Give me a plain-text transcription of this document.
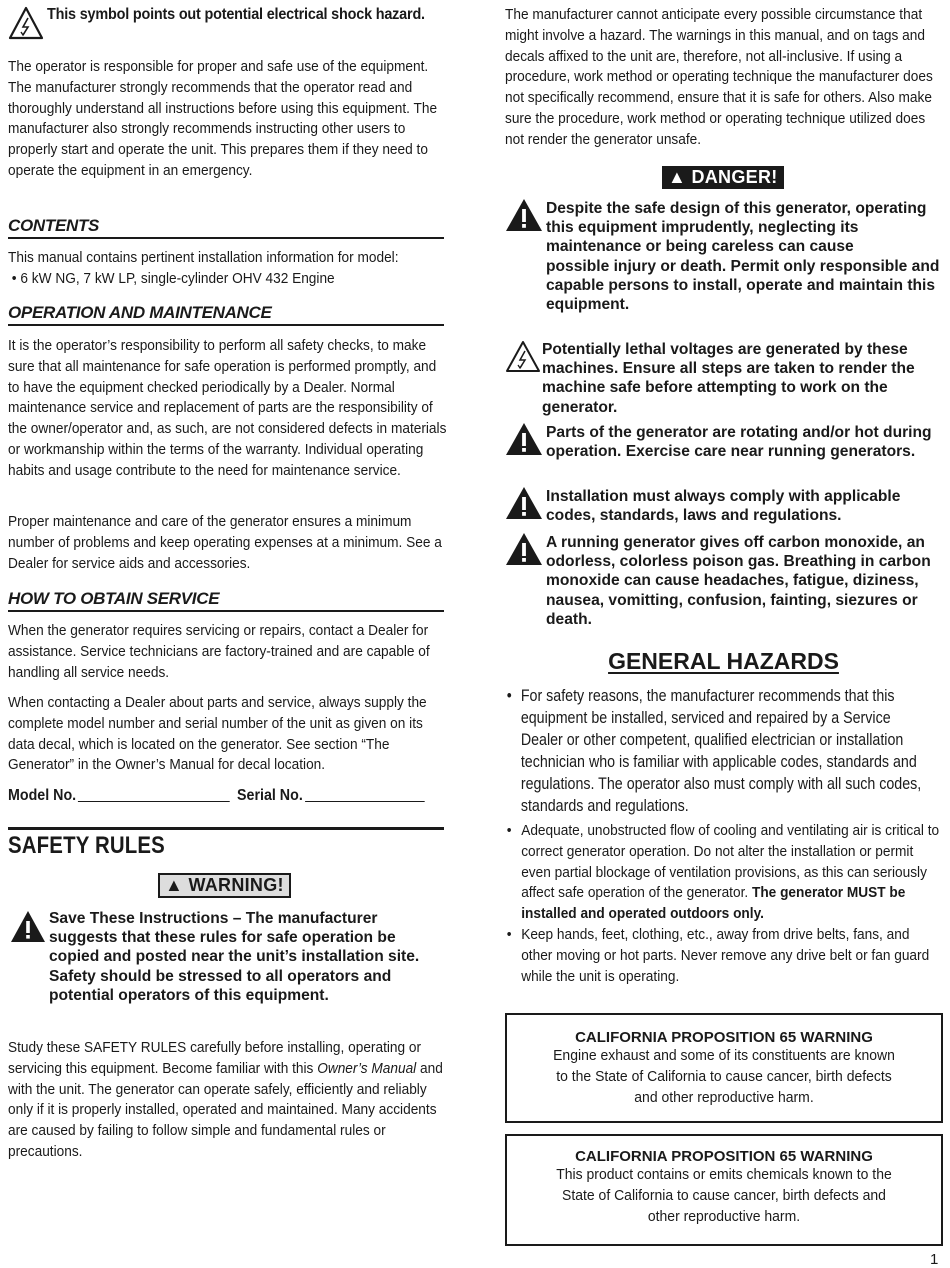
This symbol points out potential electrical shock hazard.

The operator is responsible for proper and safe use of the equipment. The manufacturer strongly recommends that the operator read and thoroughly understand all instructions before using this equipment. The manufacturer also strongly recommends instructing other users to properly start and operate the unit. This prepares them if they need to operate the equipment in an emergency.

CONTENTS

This manual contains pertinent installation information for model:

• 6 kW NG, 7 kW LP, single-cylinder OHV 432 Engine
OPERATION AND MAINTENANCE

It is the operator’s responsibility to perform all safety checks, to make sure that all maintenance for safe operation is performed promptly, and to have the equipment checked periodically by a Dealer. Normal maintenance service and replacement of parts are the responsibility of the owner/operator and, as such, are not considered defects in materials or workmanship within the terms of the warranty. Individual operating habits and usage contribute to the need for maintenance service.

Proper maintenance and care of the generator ensures a minimum number of problems and keep operating expenses at a minimum. See a Dealer for service aids and accessories.

HOW TO OBTAIN SERVICE

When the generator requires servicing or repairs, contact a Dealer for assistance. Service technicians are factory-trained and are capable of handling all service needs.

When contacting a Dealer about parts and service, always supply the complete model number and serial number of the unit as given on its data decal, which is located on the generator. See section “The Generator” in the Owner’s Manual for decal location.

Model No.	Serial No.
SAFETY RULES
▲ WARNING!

Save These Instructions – The manufacturer suggests that these rules for safe operation be copied and posted near the unit’s installation site. Safety should be stressed to all operators and potential operators of this equipment.

Study these SAFETY RULES carefully before installing, operating or servicing this equipment. Become familiar with this Owner’s Manual and with the unit. The generator can operate safely, efficiently and reliably only if it is properly installed, operated and maintained. Many accidents are caused by failing to follow simple and fundamental rules or precautions.

The manufacturer cannot anticipate every possible circumstance that might involve a hazard. The warnings in this manual, and on tags and decals affixed to the unit are, therefore, not all-inclusive. If using a procedure, work method or operating technique the manufacturer does not specifically recommend, ensure that it is safe for others. Also make sure the procedure, work method or operating technique utilized does not render the generator unsafe.

▲ DANGER!

Despite the safe design of this generator, operating this equipment imprudently, neglecting its maintenance or being careless can cause
possible injury or death. Permit only responsible and capable persons to install, operate and maintain this equipment.

Potentially lethal voltages are generated by these machines. Ensure all steps are taken to render the machine safe before attempting to work on the generator.

Parts of the generator are rotating and/or hot during operation. Exercise care near running generators.

Installation must always comply with applicable codes, standards, laws and regulations.

A running generator gives off carbon monoxide, an odorless, colorless poison gas. Breathing in carbon monoxide can cause headaches, fatigue, diziness, nausea, vomitting, confusion, fainting, siezures or death.

GENERAL HAZARDS
• For safety reasons, the manufacturer recommends that this equipment be installed, serviced and repaired by a Service Dealer or other competent, qualified electrician or installation technician who is familiar with applicable codes, standards and regulations. The operator also must comply with all such codes, standards and regulations.
• Adequate, unobstructed flow of cooling and ventilating air is critical to correct generator operation. Do not alter the installation or permit even partial blockage of ventilation provisions, as this can seriously affect safe operation of the generator. The generator MUST be installed and operated outdoors only.
• Keep hands, feet, clothing, etc., away from drive belts, fans, and other moving or hot parts. Never remove any drive belt or fan guard while the unit is operating.
CALIFORNIA PROPOSITION 65 WARNING
Engine exhaust and some of its constituents are known to the State of California to cause cancer, birth defects and other reproductive harm.
CALIFORNIA PROPOSITION 65 WARNING
This product contains or emits chemicals known to the State of California to cause cancer, birth defects and other reproductive harm.
1
